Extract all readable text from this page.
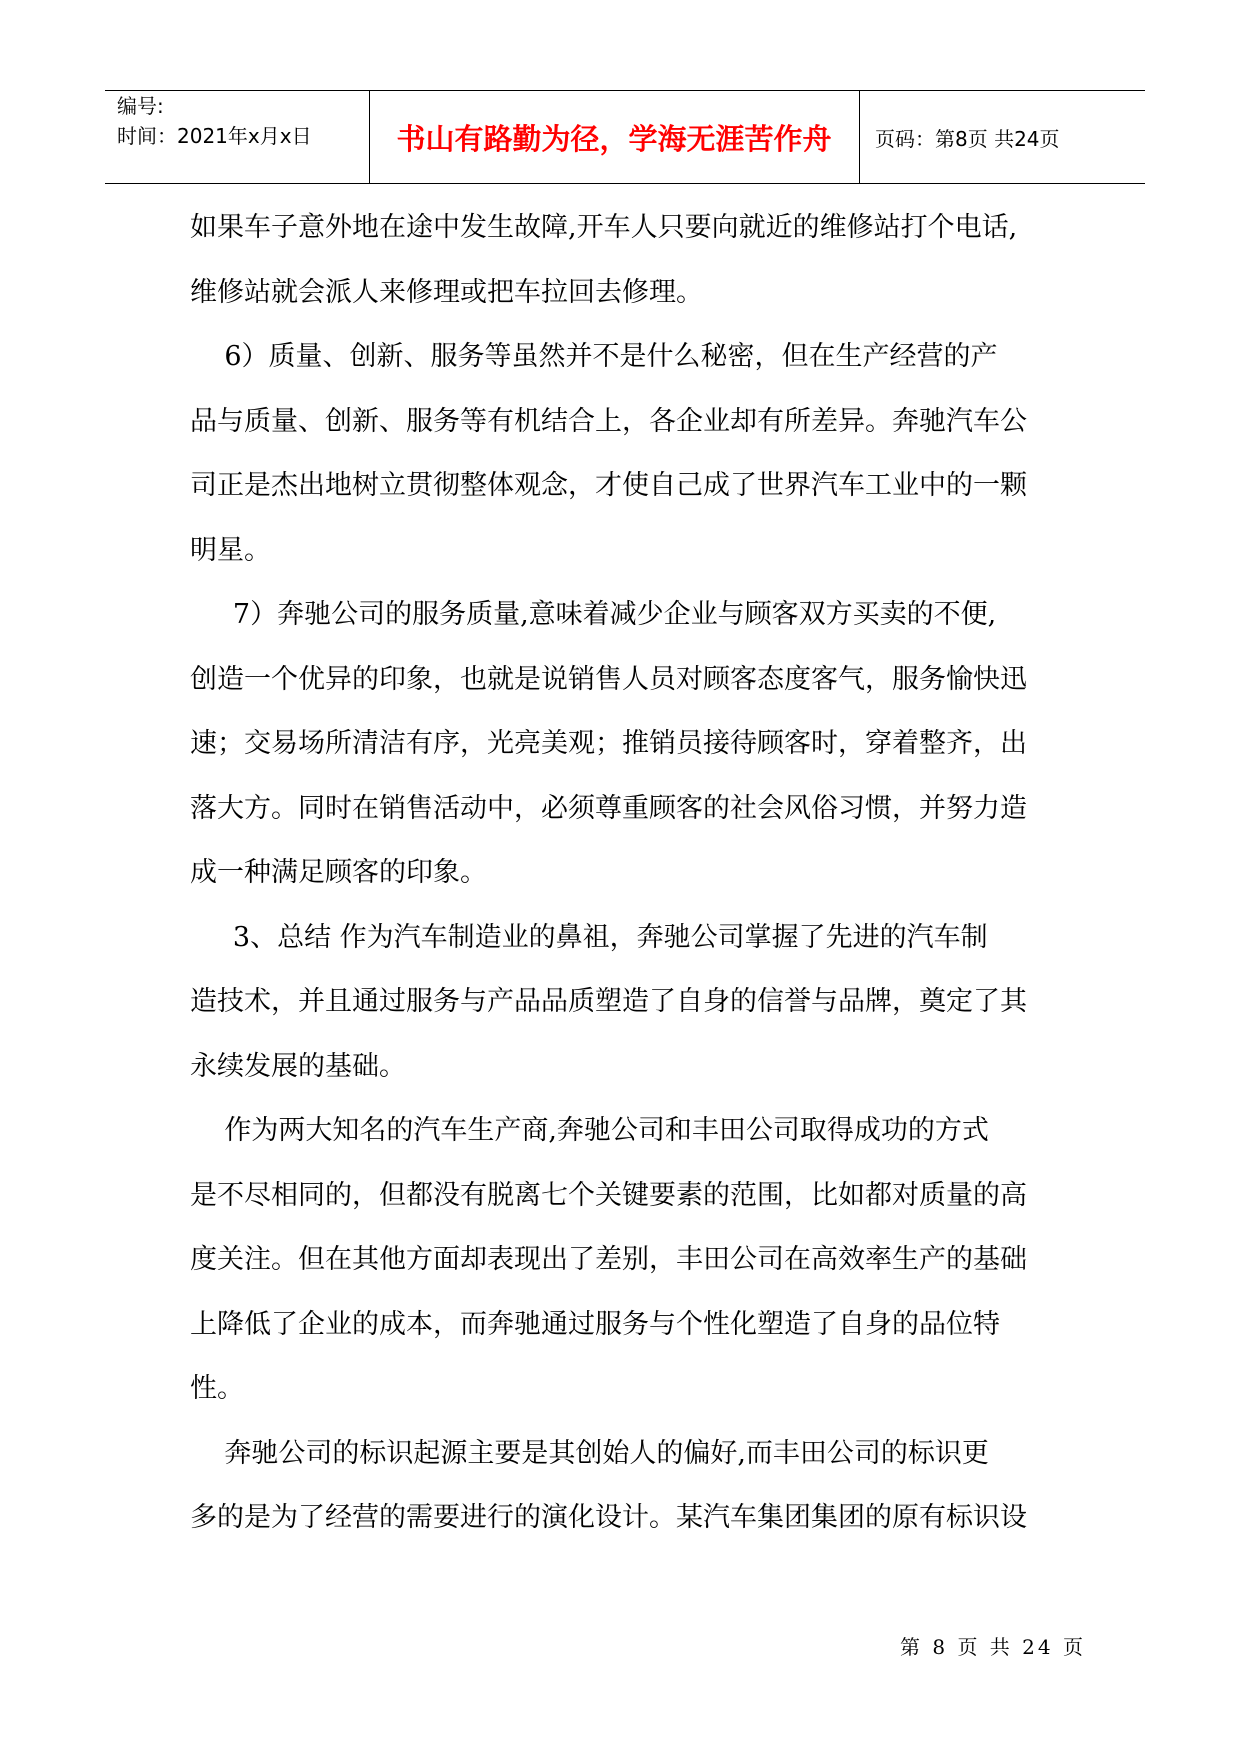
编号:
时间：2021年x月x日	书山有路勤为径，学海无涯苦作舟	页码：第8页 共24页
如果车子意外地在途中发生故障,开车人只要向就近的维修站打个电话,
维修站就会派人来修理或把车拉回去修理。
6）质量、创新、服务等虽然并不是什么秘密，但在生产经营的产
品与质量、创新、服务等有机结合上，各企业却有所差异。奔驰汽车公
司正是杰出地树立贯彻整体观念，才使自己成了世界汽车工业中的一颗
明星。
7）奔驰公司的服务质量,意味着减少企业与顾客双方买卖的不便,
创造一个优异的印象，也就是说销售人员对顾客态度客气，服务愉快迅
速；交易场所清洁有序，光亮美观；推销员接待顾客时，穿着整齐，出
落大方。同时在销售活动中，必须尊重顾客的社会风俗习惯，并努力造
成一种满足顾客的印象。
3、总结 作为汽车制造业的鼻祖，奔驰公司掌握了先进的汽车制
造技术，并且通过服务与产品品质塑造了自身的信誉与品牌，奠定了其
永续发展的基础。
作为两大知名的汽车生产商,奔驰公司和丰田公司取得成功的方式
是不尽相同的，但都没有脱离七个关键要素的范围，比如都对质量的高
度关注。但在其他方面却表现出了差别，丰田公司在高效率生产的基础
上降低了企业的成本，而奔驰通过服务与个性化塑造了自身的品位特
性。
奔驰公司的标识起源主要是其创始人的偏好,而丰田公司的标识更
多的是为了经营的需要进行的演化设计。某汽车集团集团的原有标识设
第 8 页 共 24 页
